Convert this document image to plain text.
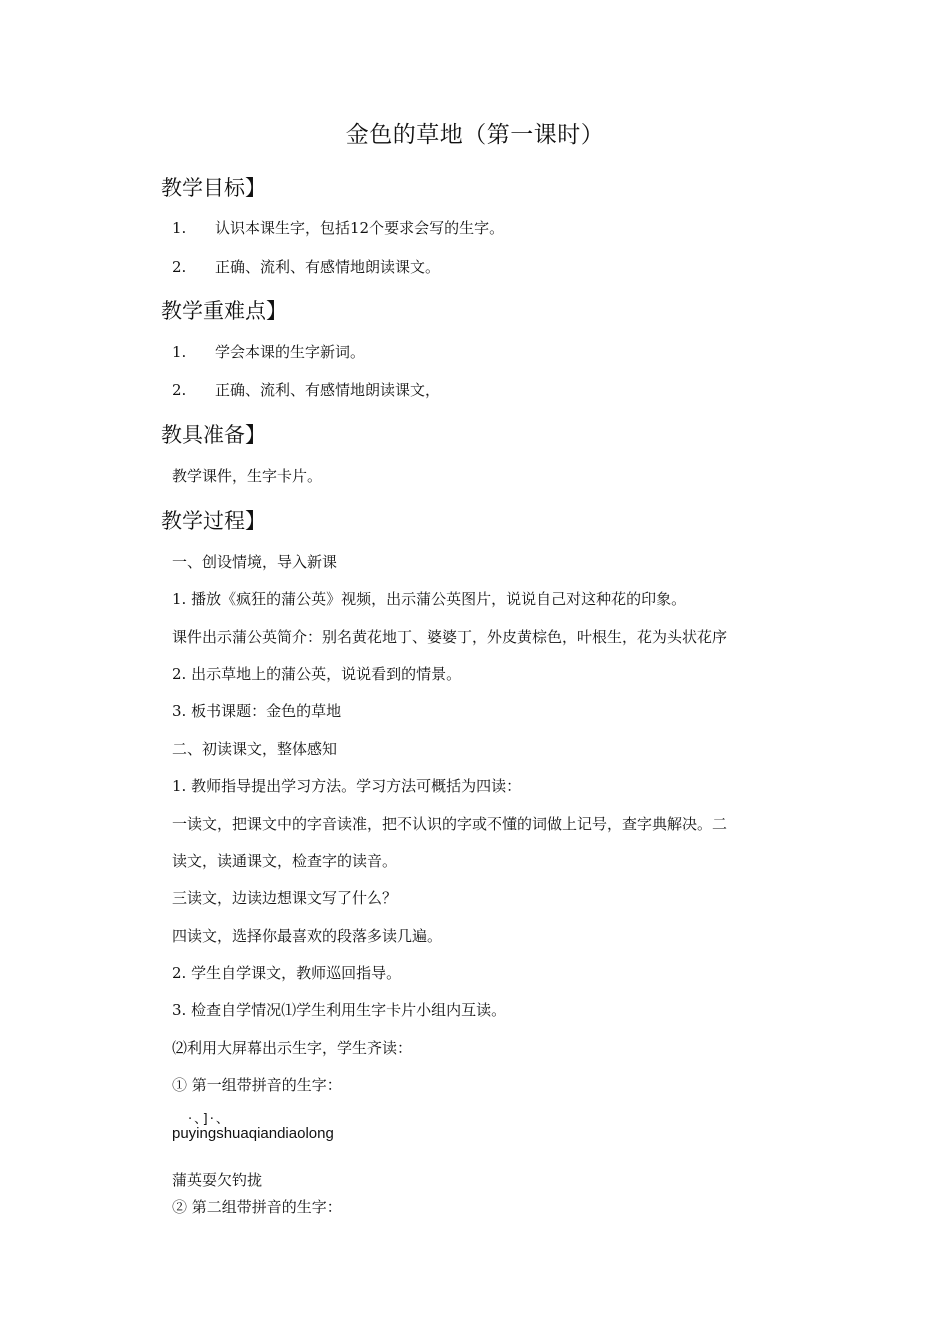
金色的草地（第一课时）
教学目标】
1. 认识本课生字，包括12个要求会写的生字。
2. 正确、流利、有感情地朗读课文。
教学重难点】
1. 学会本课的生字新词。
2. 正确、流利、有感情地朗读课文，
教具准备】
教学课件，生字卡片。
教学过程】
一、创设情境，导入新课
1. 播放《疯狂的蒲公英》视频，出示蒲公英图片，说说自己对这种花的印象。
课件出示蒲公英简介：别名黄花地丁、婆婆丁，外皮黄棕色，叶根生，花为头状花序
2. 出示草地上的蒲公英，说说看到的情景。
3. 板书课题：金色的草地
二、初读课文，整体感知
1. 教师指导提出学习方法。学习方法可概括为四读：
一读文，把课文中的字音读准，把不认识的字或不懂的词做上记号，查字典解决。二
读文，读通课文，检查字的读音。
三读文，边读边想课文写了什么？
四读文，选择你最喜欢的段落多读几遍。
2. 学生自学课文，教师巡回指导。
3. 检查自学情况⑴学生利用生字卡片小组内互读。
⑵利用大屏幕出示生字，学生齐读：
① 第一组带拼音的生字：
·、]·、
puyingshuaqiandiaolong
蒲英耍欠钓拢
② 第二组带拼音的生字：
